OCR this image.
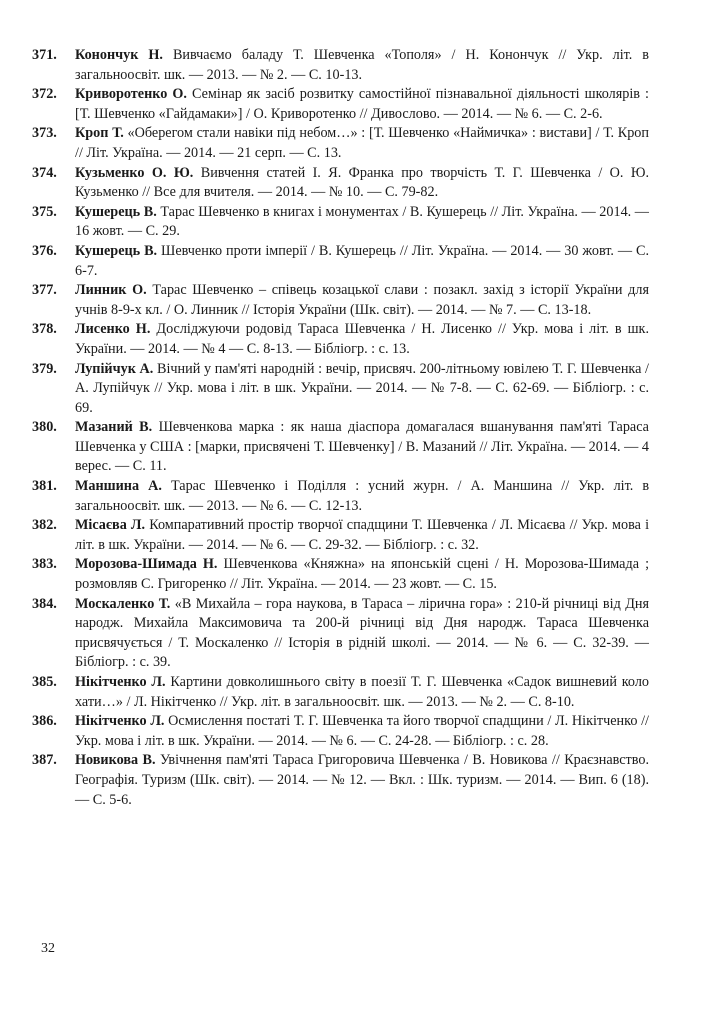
371. Конончук Н. Вивчаємо баладу Т. Шевченка «Тополя» / Н. Конончук // Укр. літ. в загальноосвіт. шк. — 2013. — № 2. — С. 10-13.

372. Криворотенко О. Семінар як засіб розвитку самостійної пізнавальної діяльності школярів : [Т. Шевченко «Гайдамаки»] / О. Криворотенко // Дивослово. — 2014. — № 6. — С. 2-6.

373. Кроп Т. «Оберегом стали навіки під небом…» : [Т. Шевченко «Наймичка» : вистави] / Т. Кроп // Літ. Україна. — 2014. — 21 серп. — С. 13.

374. Кузьменко О. Ю. Вивчення статей І. Я. Франка про творчість Т. Г. Шевченка / О. Ю. Кузьменко // Все для вчителя. — 2014. — № 10. — С. 79-82.

375. Кушерець В. Тарас Шевченко в книгах і монументах / В. Кушерець // Літ. Україна. — 2014. — 16 жовт. — С. 29.

376. Кушерець В. Шевченко проти імперії / В. Кушерець // Літ. Україна. — 2014. — 30 жовт. — С. 6-7.

377. Линник О. Тарас Шевченко – співець козацької слави : позакл. захід з історії України для учнів 8-9-х кл. / О. Линник // Історія України (Шк. світ). — 2014. — № 7. — С. 13-18.

378. Лисенко Н. Досліджуючи родовід Тараса Шевченка / Н. Лисенко // Укр. мова і літ. в шк. України. — 2014. — № 4 — С. 8-13. — Бібліогр. : с. 13.

379. Лупійчук А. Вічний у пам'яті народній : вечір, присвяч. 200-літньому ювілею Т. Г. Шевченка / А. Лупійчук // Укр. мова і літ. в шк. України. — 2014. — № 7-8. — С. 62-69. — Бібліогр. : с. 69.

380. Мазаний В. Шевченкова марка : як наша діаспора домагалася вшанування пам'яті Тараса Шевченка у США : [марки, присвячені Т. Шевченку] / В. Мазаний // Літ. Україна. — 2014. — 4 верес. — С. 11.

381. Маншина А. Тарас Шевченко і Поділля : усний журн. / А. Маншина // Укр. літ. в загальноосвіт. шк. — 2013. — № 6. — С. 12-13.

382. Місаєва Л. Компаративний простір творчої спадщини Т. Шевченка / Л. Місаєва // Укр. мова і літ. в шк. України. — 2014. — № 6. — С. 29-32. — Бібліогр. : с. 32.

383. Морозова-Шимада Н. Шевченкова «Княжна» на японській сцені / Н. Морозова-Шимада ; розмовляв С. Григоренко // Літ. Україна. — 2014. — 23 жовт. — С. 15.

384. Москаленко Т. «В Михайла – гора наукова, в Тараса – лірична гора» : 210-й річниці від Дня народж. Михайла Максимовича та 200-й річниці від Дня народж. Тараса Шевченка присвячується / Т. Москаленко // Історія в рідній школі. — 2014. — № 6. — С. 32-39. — Бібліогр. : с. 39.

385. Нікітченко Л. Картини довколишнього світу в поезії Т. Г. Шевченка «Садок вишневий коло хати…» / Л. Нікітченко // Укр. літ. в загальноосвіт. шк. — 2013. — № 2. — С. 8-10.

386. Нікітченко Л. Осмислення постаті Т. Г. Шевченка та його творчої спадщини / Л. Нікітченко // Укр. мова і літ. в шк. України. — 2014. — № 6. — С. 24-28. — Бібліогр. : с. 28.

387. Новикова В. Увічнення пам'яті Тараса Григоровича Шевченка / В. Новикова // Краєзнавство. Географія. Туризм (Шк. світ). — 2014. — № 12. — Вкл. : Шк. туризм. — 2014. — Вип. 6 (18). — С. 5-6.

32
